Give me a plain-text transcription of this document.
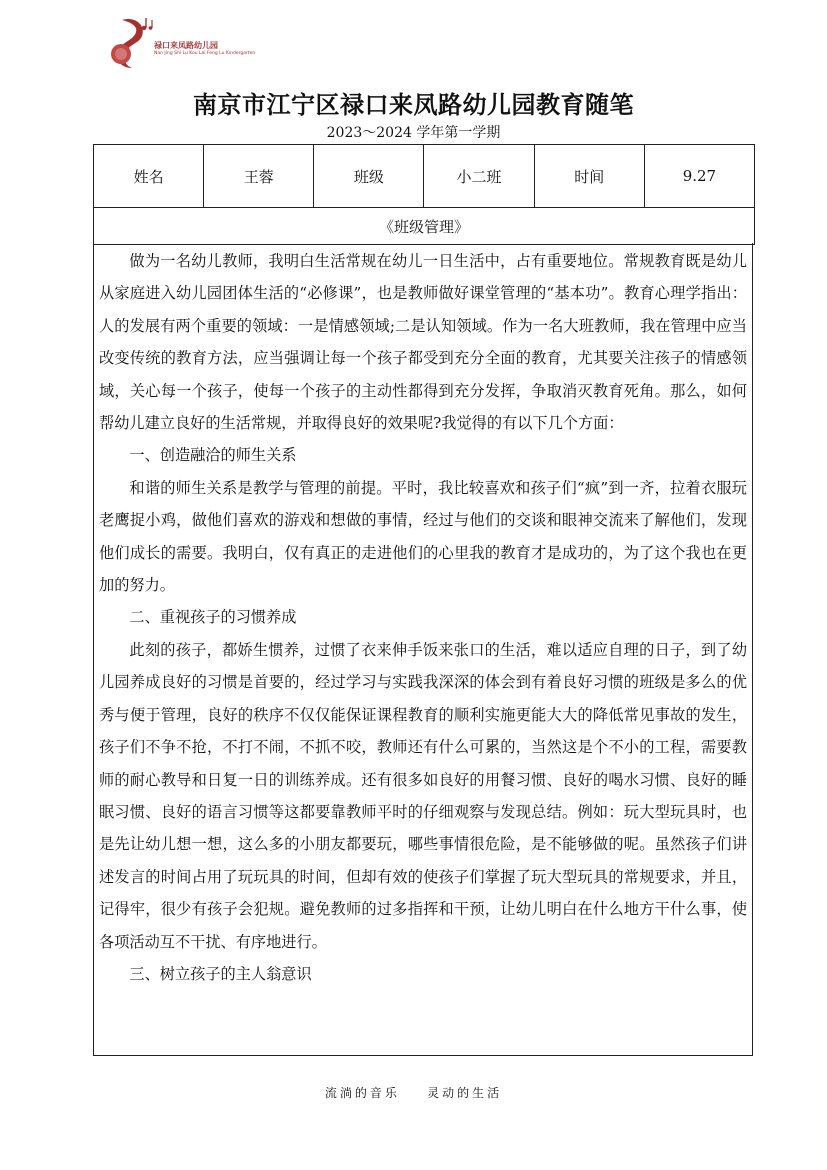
禄口来凤路幼儿园
Nan Jing Shi Lu Kou Lai Feng Lu Kindergarten
南京市江宁区禄口来凤路幼儿园教育随笔
2023～2024 学年第一学期
姓名	王蓉	班级	小二班	时间	9.27
《班级管理》

做为一名幼儿教师，我明白生活常规在幼儿一日生活中，占有重要地位。常规教育既是幼儿从家庭进入幼儿园团体生活的“必修课”，也是教师做好课堂管理的“基本功”。教育心理学指出：人的发展有两个重要的领域：一是情感领域;二是认知领域。作为一名大班教师，我在管理中应当改变传统的教育方法，应当强调让每一个孩子都受到充分全面的教育，尤其要关注孩子的情感领域，关心每一个孩子，使每一个孩子的主动性都得到充分发挥，争取消灭教育死角。那么，如何帮幼儿建立良好的生活常规，并取得良好的效果呢?我觉得的有以下几个方面：

一、创造融洽的师生关系

和谐的师生关系是教学与管理的前提。平时，我比较喜欢和孩子们“疯”到一齐，拉着衣服玩老鹰捉小鸡，做他们喜欢的游戏和想做的事情，经过与他们的交谈和眼神交流来了解他们，发现他们成长的需要。我明白，仅有真正的走进他们的心里我的教育才是成功的，为了这个我也在更加的努力。

二、重视孩子的习惯养成

此刻的孩子，都娇生惯养，过惯了衣来伸手饭来张口的生活，难以适应自理的日子，到了幼儿园养成良好的习惯是首要的，经过学习与实践我深深的体会到有着良好习惯的班级是多么的优秀与便于管理，良好的秩序不仅仅能保证课程教育的顺利实施更能大大的降低常见事故的发生，孩子们不争不抢，不打不闹，不抓不咬，教师还有什么可累的，当然这是个不小的工程，需要教师的耐心教导和日复一日的训练养成。还有很多如良好的用餐习惯、良好的喝水习惯、良好的睡眠习惯、良好的语言习惯等这都要靠教师平时的仔细观察与发现总结。例如：玩大型玩具时，也是先让幼儿想一想，这么多的小朋友都要玩，哪些事情很危险，是不能够做的呢。虽然孩子们讲述发言的时间占用了玩玩具的时间，但却有效的使孩子们掌握了玩大型玩具的常规要求，并且，记得牢，很少有孩子会犯规。避免教师的过多指挥和干预，让幼儿明白在什么地方干什么事，使各项活动互不干扰、有序地进行。

三、树立孩子的主人翁意识

流淌的音乐    灵动的生活
